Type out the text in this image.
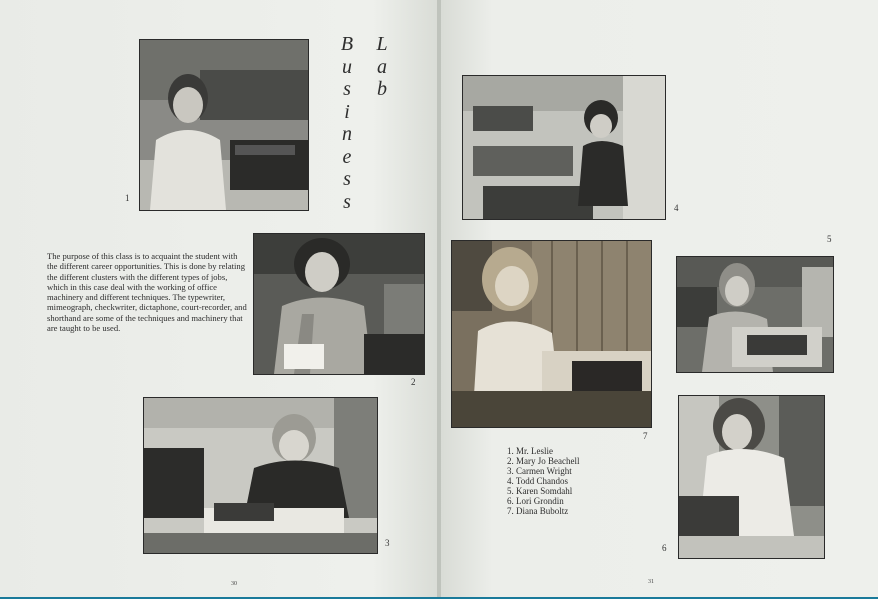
1
B
u
s
i
n
e
s
s
L
a
b
The purpose of this class is to acquaint the student with the different career opportunities. This is done by relating the different clusters with the different types of jobs, which in this case deal with the working of office machinery and different techniques. The typewriter, mimeograph, checkwriter, dictaphone, court-recorder, and shorthand are some of the techniques and machinery that are taught to be used.
2
3
30
4
5
7
6
1. Mr. Leslie
2. Mary Jo Beachell
3. Carmen Wright
4. Todd Chandos
5. Karen Somdahl
6. Lori Grondin
7. Diana Buboltz
31
